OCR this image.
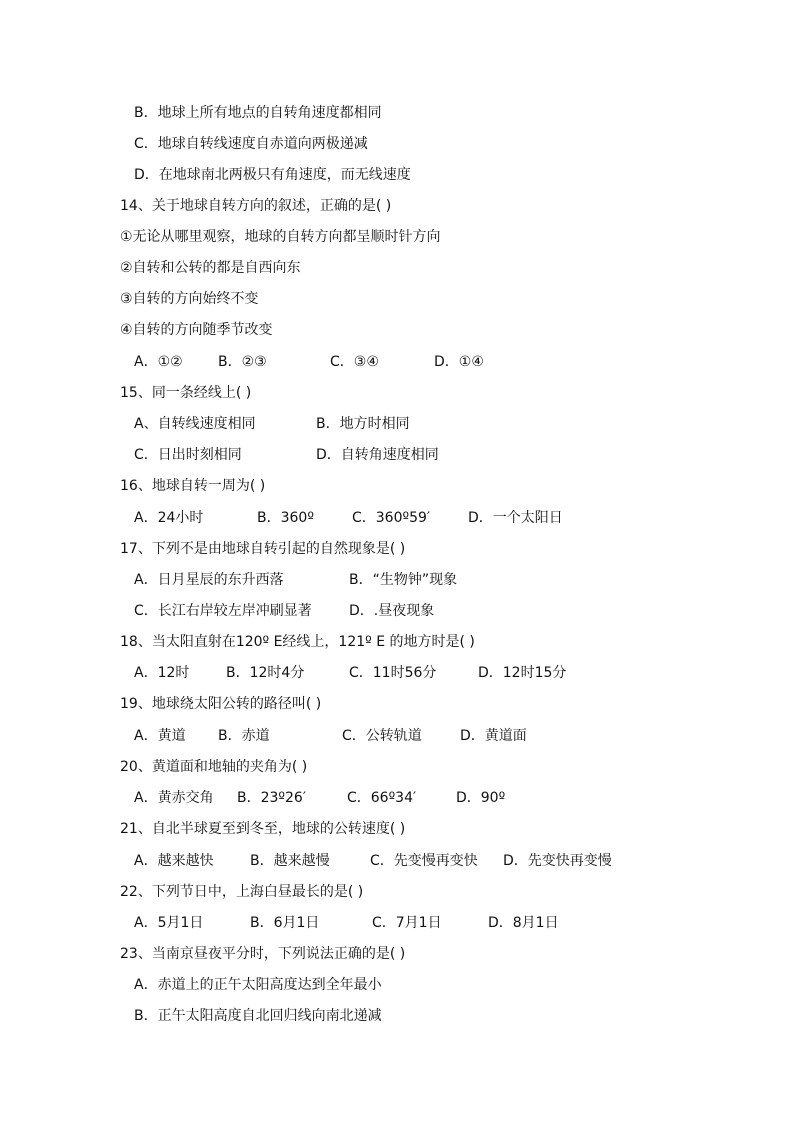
B．地球上所有地点的自转角速度都相同
C．地球自转线速度自赤道向两极递减
D．在地球南北两极只有角速度，而无线速度
14、关于地球自转方向的叙述，正确的是( )
①无论从哪里观察，地球的自转方向都呈顺时针方向
②自转和公转的都是自西向东
③自转的方向始终不变
④自转的方向随季节改变
A．①②	B．②③	C．③④	D．①④
15、同一条经线上( )
A、自转线速度相同	B．地方时相同
C．日出时刻相同	D．自转角速度相同
16、地球自转一周为( )
A．24小时	B．360º	C．360º59′	D．一个太阳日
17、下列不是由地球自转引起的自然现象是( )
A．日月星辰的东升西落	B．“生物钟”现象
C．长江右岸较左岸冲刷显著	D．.昼夜现象
18、当太阳直射在120º E经线上，121º E 的地方时是( )
A．12时	B．12时4分	C．11时56分	D．12时15分
19、地球绕太阳公转的路径叫( )
A．黄道 B．赤道	C．公转轨道	D．黄道面
20、黄道面和地轴的夹角为( )
A．黄赤交角 B．23º26′	C．66º34′	D．90º
21、自北半球夏至到冬至，地球的公转速度( )
A．越来越快	B．越来越慢	C．先变慢再变快 D．先变快再变慢
22、下列节日中，上海白昼最长的是( )
A．5月1日	B．6月1日	C．7月1日	D．8月1日
23、当南京昼夜平分时，下列说法正确的是( )
A．赤道上的正午太阳高度达到全年最小
B．正午太阳高度自北回归线向南北递减
